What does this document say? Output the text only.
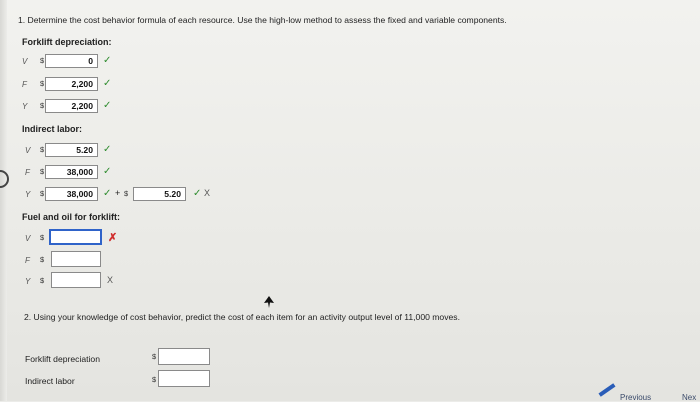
1. Determine the cost behavior formula of each resource. Use the high-low method to assess the fixed and variable components.
Forklift depreciation:
V $	0	✓
F $	2,200	✓
Y $	2,200	✓
Indirect labor:
V $	5.20	✓
F $	38,000	✓
Y $	38,000	✓ + $	5.20	✓ X
Fuel and oil for forklift:
V $	✗
F $
Y $	X
2. Using your knowledge of cost behavior, predict the cost of each item for an activity output level of 11,000 moves.
Forklift depreciation	$
Indirect labor	$
Previous	Nex
